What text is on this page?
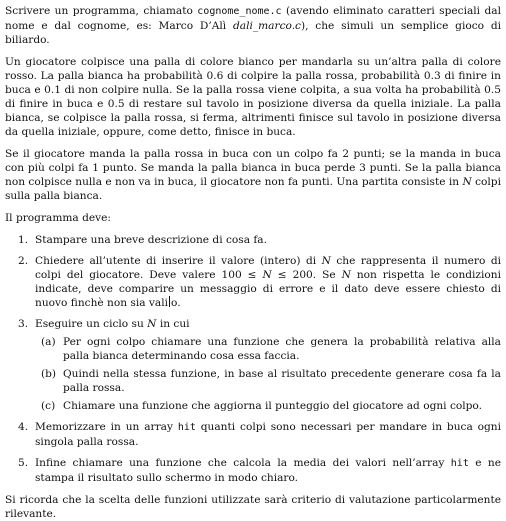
Scrivere un programma, chiamato cognome_nome.c (avendo eliminato caratteri speciali dal nome e dal cognome, es: Marco D’Alì dali_marco.c), che simuli un semplice gioco di biliardo.

Un giocatore colpisce una palla di colore bianco per mandarla su un’altra palla di colore rosso. La palla bianca ha probabilità 0.6 di colpire la palla rossa, probabilità 0.3 di finire in buca e 0.1 di non colpire nulla. Se la palla rossa viene colpita, a sua volta ha probabilità 0.5 di finire in buca e 0.5 di restare sul tavolo in posizione diversa da quella iniziale. La palla bianca, se colpisce la palla rossa, si ferma, altrimenti finisce sul tavolo in posizione diversa da quella iniziale, oppure, come detto, finisce in buca.

Se il giocatore manda la palla rossa in buca con un colpo fa 2 punti; se la manda in buca con più colpi fa 1 punto. Se manda la palla bianca in buca perde 3 punti. Se la palla bianca non colpisce nulla e non va in buca, il giocatore non fa punti. Una partita consiste in N colpi sulla palla bianca.

Il programma deve:

1. Stampare una breve descrizione di cosa fa.
2. Chiedere all’utente di inserire il valore (intero) di N che rappresenta il numero di colpi del giocatore. Deve valere 100 ≤ N ≤ 200. Se N non rispetta le condizioni indicate, deve comparire un messaggio di errore e il dato deve essere chiesto di nuovo finchè non sia vali o.
3. Eseguire un ciclo su N in cui
(a) Per ogni colpo chiamare una funzione che genera la probabilità relativa alla palla bianca determinando cosa essa faccia.
(b) Quindi nella stessa funzione, in base al risultato precedente generare cosa fa la palla rossa.
(c) Chiamare una funzione che aggiorna il punteggio del giocatore ad ogni colpo.
4. Memorizzare in un array hit quanti colpi sono necessari per mandare in buca ogni singola palla rossa.
5. Infine chiamare una funzione che calcola la media dei valori nell’array hit e ne stampa il risultato sullo schermo in modo chiaro.

Si ricorda che la scelta delle funzioni utilizzate sarà criterio di valutazione particolarmente rilevante.
